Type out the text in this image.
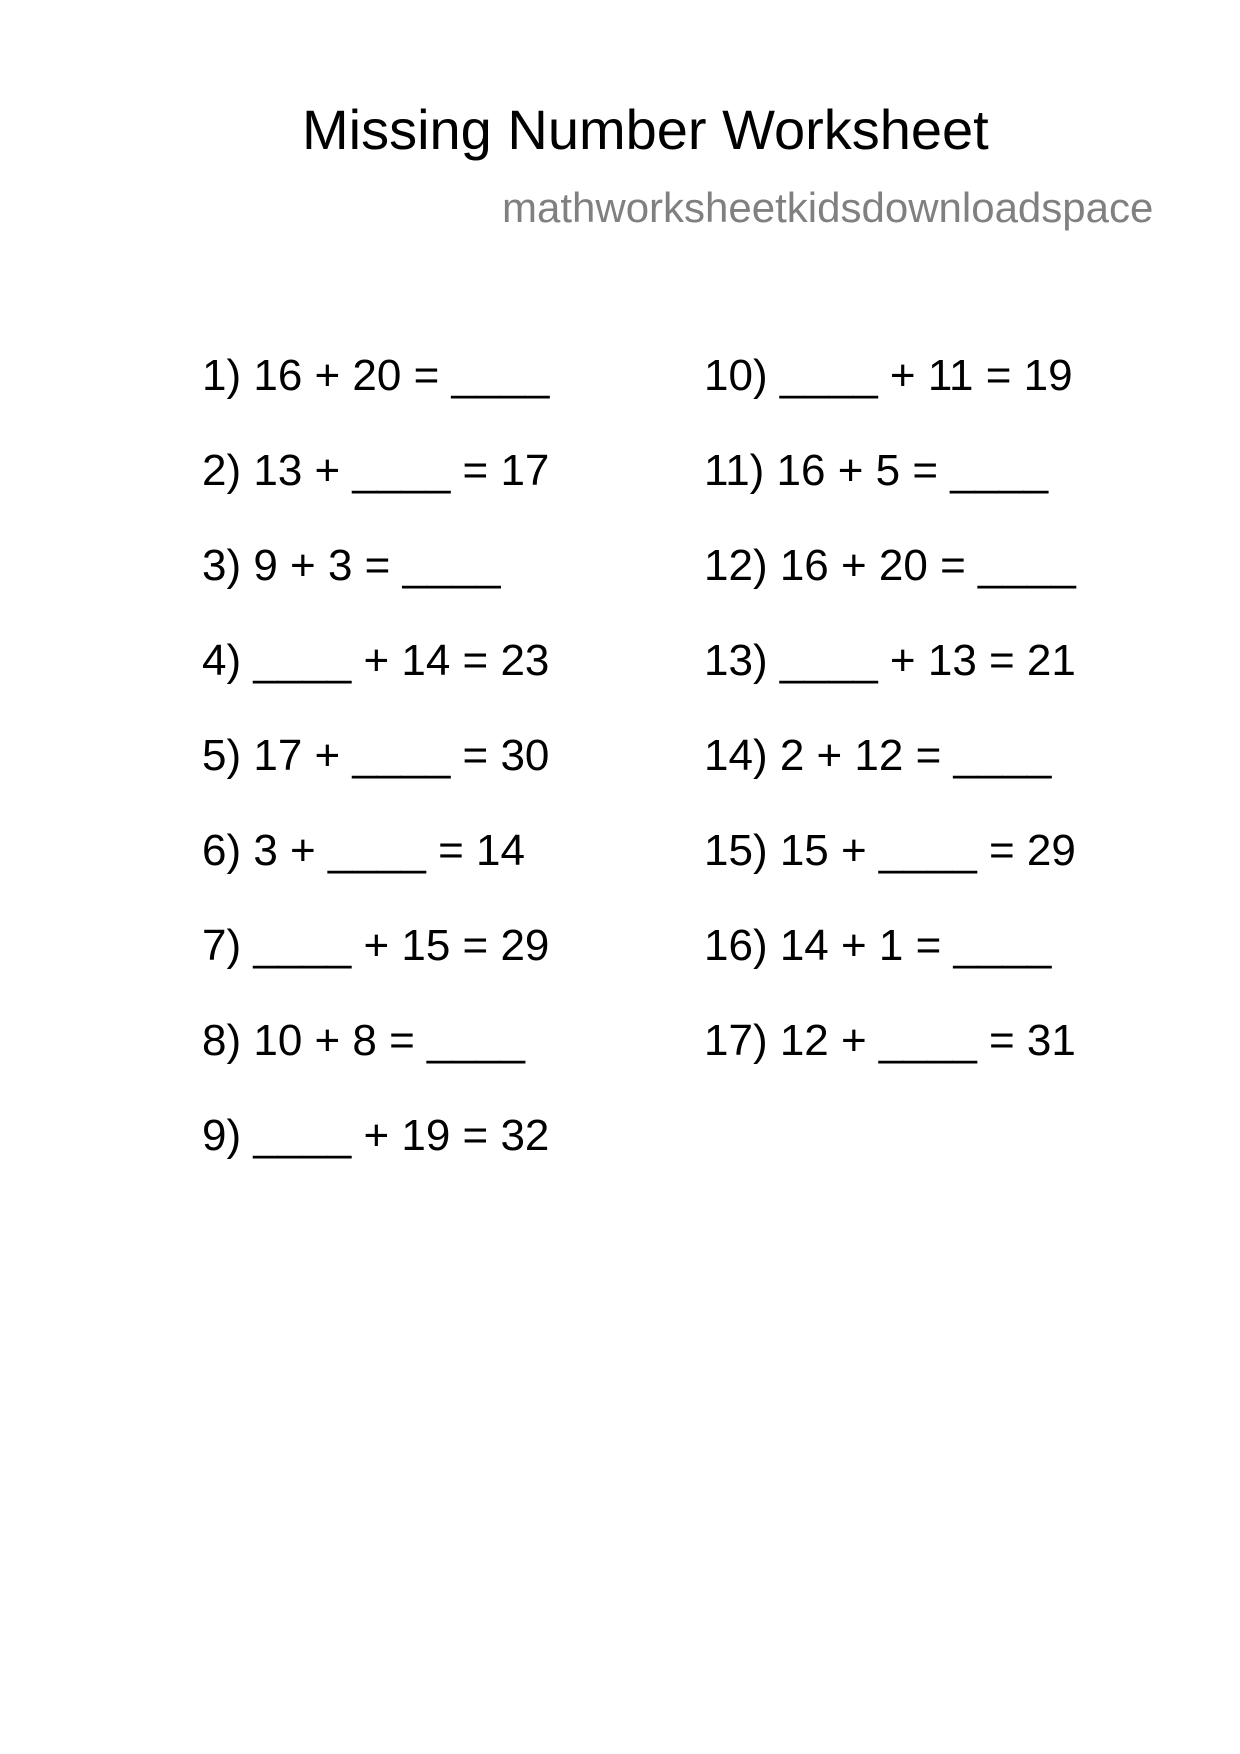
Missing Number Worksheet
mathworksheetkidsdownloadspace
1) 16 + 20 = ____
2) 13 + ____ = 17
3) 9 + 3 = ____
4) ____ + 14 = 23
5) 17 + ____ = 30
6) 3 + ____ = 14
7) ____ + 15 = 29
8) 10 + 8 = ____
9) ____ + 19 = 32
10) ____ + 11 = 19
11) 16 + 5 = ____
12) 16 + 20 = ____
13) ____ + 13 = 21
14) 2 + 12 = ____
15) 15 + ____ = 29
16) 14 + 1 = ____
17) 12 + ____ = 31
